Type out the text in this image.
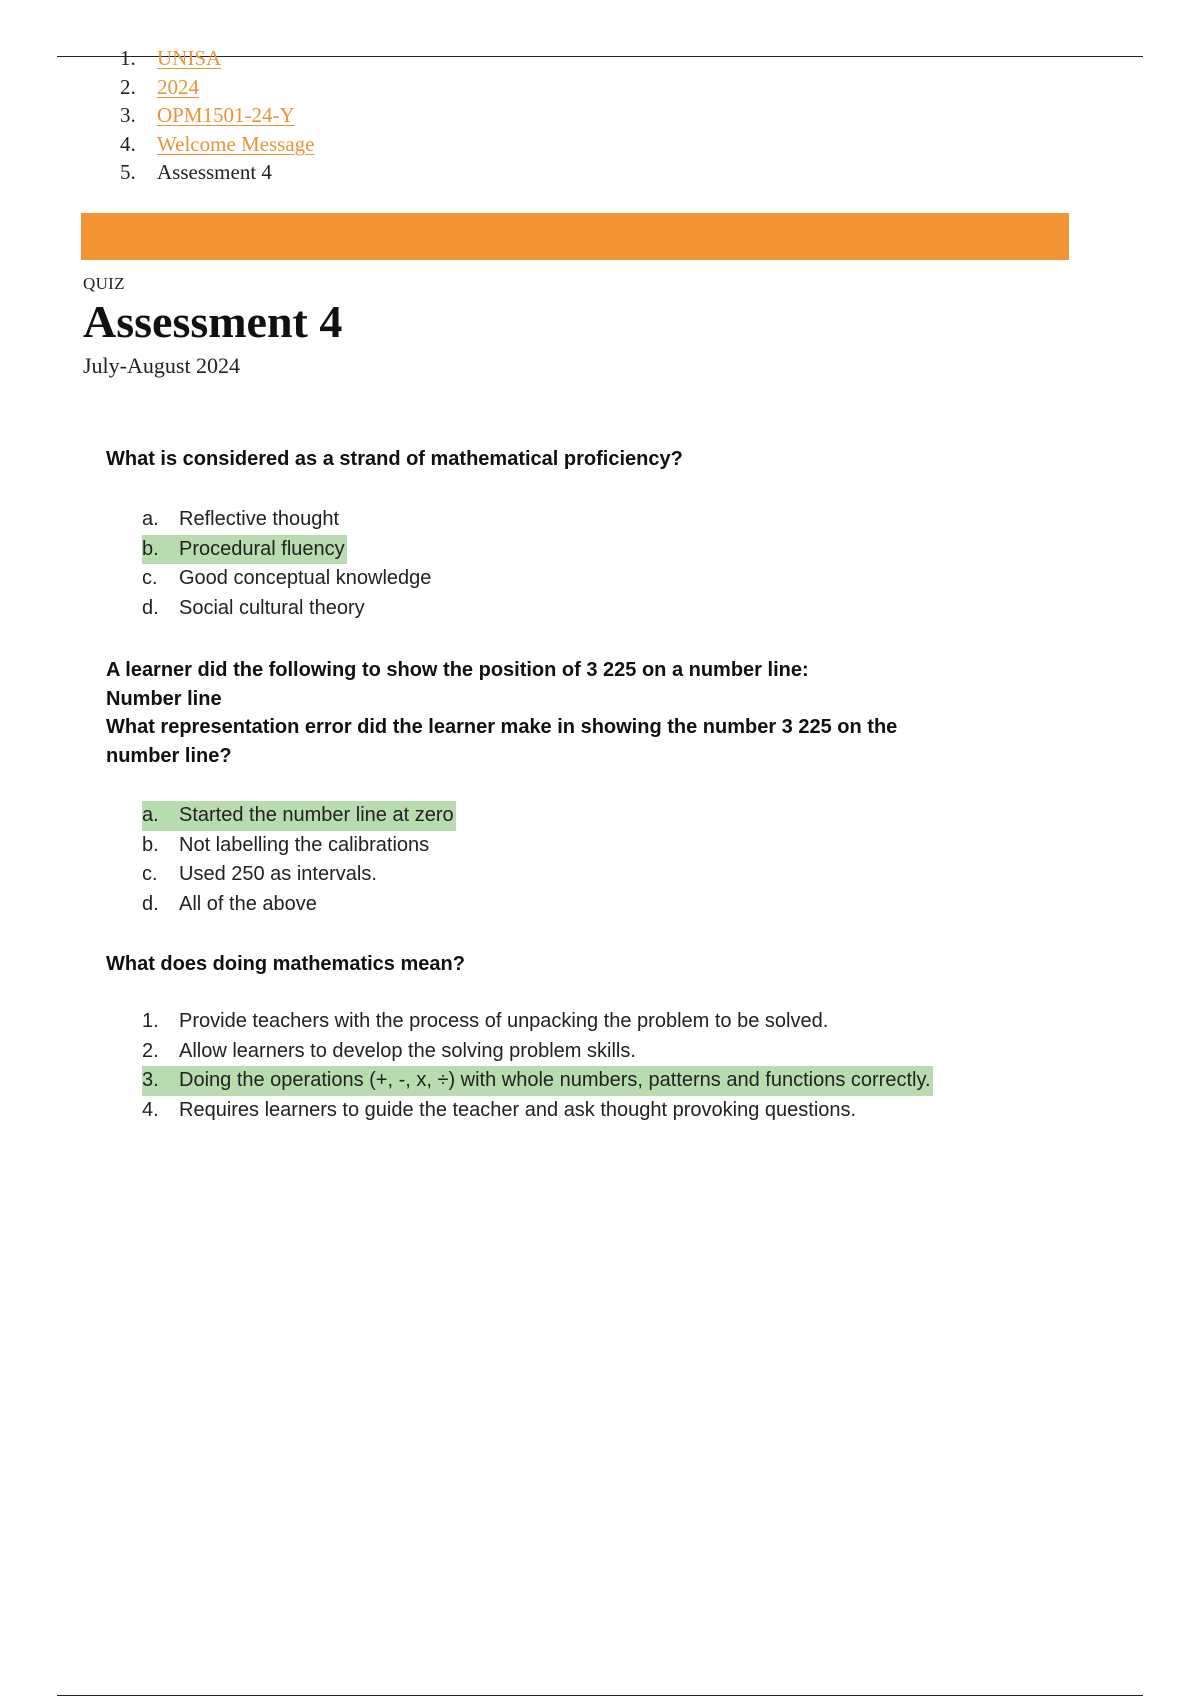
1.	UNISA
2.	2024
3.	OPM1501-24-Y
4.	Welcome Message
5.	Assessment 4
QUIZ
Assessment 4
July-August 2024
What is considered as a strand of mathematical proficiency?
a. Reflective thought
b. Procedural fluency
c. Good conceptual knowledge
d. Social cultural theory
A learner did the following to show the position of 3 225 on a number line:
Number line
What representation error did the learner make in showing the number 3 225 on the
number line?
a. Started the number line at zero
b. Not labelling the calibrations
c. Used 250 as intervals.
d. All of the above
What does doing mathematics mean?
1. Provide teachers with the process of unpacking the problem to be solved.
2. Allow learners to develop the solving problem skills.
3. Doing the operations (+, -, x, ÷) with whole numbers, patterns and functions correctly.
4. Requires learners to guide the teacher and ask thought provoking questions.
